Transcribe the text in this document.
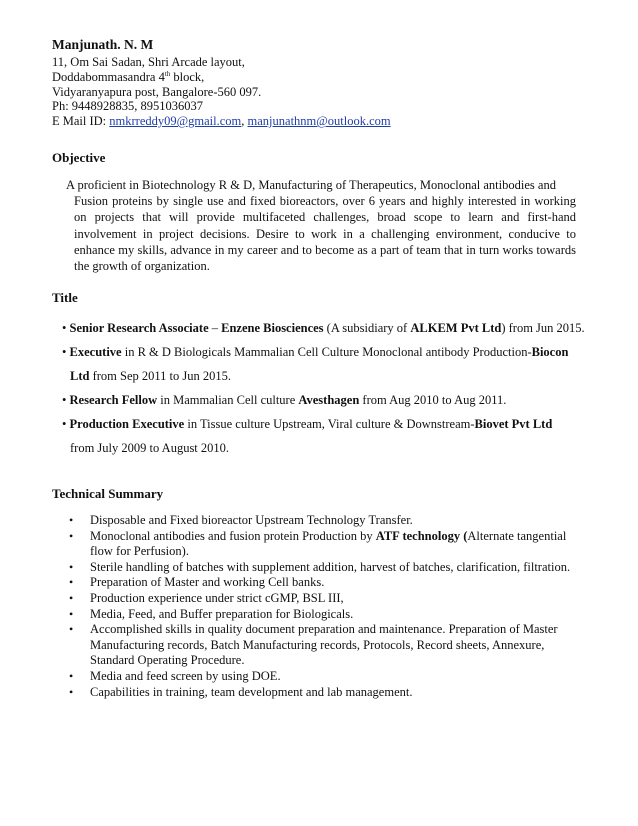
Manjunath. N. M
11, Om Sai Sadan, Shri Arcade layout,
Doddabommasandra 4th block,
Vidyaranyapura post, Bangalore-560 097.
Ph: 9448928835, 8951036037
E Mail ID: nmkrreddy09@gmail.com, manjunathnm@outlook.com
Objective
A proficient in Biotechnology R & D, Manufacturing of Therapeutics, Monoclonal antibodies and
Fusion proteins by single use and fixed bioreactors, over 6 years and highly interested in working on projects that will provide multifaceted challenges, broad scope to learn and first-hand involvement in project decisions. Desire to work in a challenging environment, conducive to enhance my skills, advance in my career and to become as a part of team that in turn works towards the growth of organization.
Title
• Senior Research Associate – Enzene Biosciences (A subsidiary of ALKEM Pvt Ltd) from Jun 2015.
• Executive in R & D Biologicals Mammalian Cell Culture Monoclonal antibody Production-Biocon
Ltd from Sep 2011 to Jun 2015.
• Research Fellow in Mammalian Cell culture Avesthagen from Aug 2010 to Aug 2011.
• Production Executive in Tissue culture Upstream, Viral culture & Downstream-Biovet Pvt Ltd
from July 2009 to August 2010.
Technical Summary
• Disposable and Fixed bioreactor Upstream Technology Transfer.
• Monoclonal antibodies and fusion protein Production by ATF technology (Alternate tangential flow for Perfusion).
• Sterile handling of batches with supplement addition, harvest of batches, clarification, filtration.
• Preparation of Master and working Cell banks.
• Production experience under strict cGMP, BSL III,
• Media, Feed, and Buffer preparation for Biologicals.
• Accomplished skills in quality document preparation and maintenance. Preparation of Master Manufacturing records, Batch Manufacturing records, Protocols, Record sheets, Annexure, Standard Operating Procedure.
• Media and feed screen by using DOE.
• Capabilities in training, team development and lab management.
